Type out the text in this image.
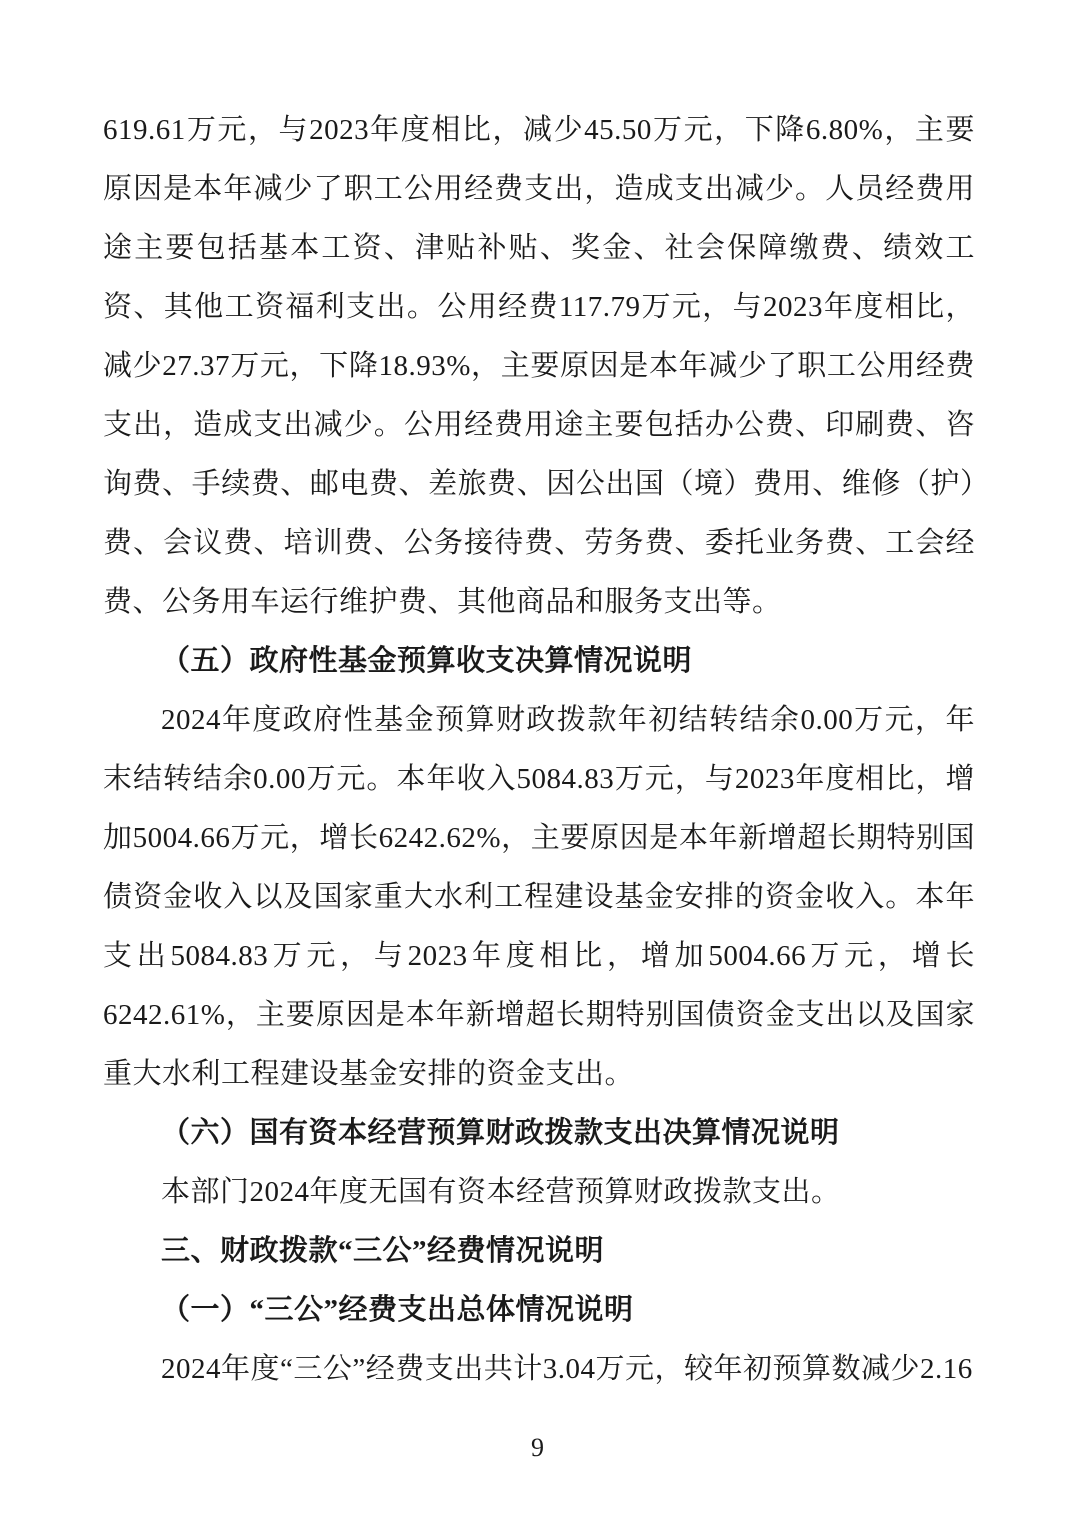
619.61万元，与2023年度相比，减少45.50万元，下降6.80%，主要原因是本年减少了职工公用经费支出，造成支出减少。人员经费用途主要包括基本工资、津贴补贴、奖金、社会保障缴费、绩效工资、其他工资福利支出。公用经费117.79万元，与2023年度相比，减少27.37万元，下降18.93%，主要原因是本年减少了职工公用经费支出，造成支出减少。公用经费用途主要包括办公费、印刷费、咨询费、手续费、邮电费、差旅费、因公出国（境）费用、维修（护）费、会议费、培训费、公务接待费、劳务费、委托业务费、工会经费、公务用车运行维护费、其他商品和服务支出等。

（五）政府性基金预算收支决算情况说明

2024年度政府性基金预算财政拨款年初结转结余0.00万元，年末结转结余0.00万元。本年收入5084.83万元，与2023年度相比，增加5004.66万元，增长6242.62%，主要原因是本年新增超长期特别国债资金收入以及国家重大水利工程建设基金安排的资金收入。本年支出5084.83万元，与2023年度相比，增加5004.66万元，增长6242.61%，主要原因是本年新增超长期特别国债资金支出以及国家重大水利工程建设基金安排的资金支出。

（六）国有资本经营预算财政拨款支出决算情况说明

本部门2024年度无国有资本经营预算财政拨款支出。

三、财政拨款“三公”经费情况说明

（一）“三公”经费支出总体情况说明

2024年度“三公”经费支出共计3.04万元，较年初预算数减少2.16

9
